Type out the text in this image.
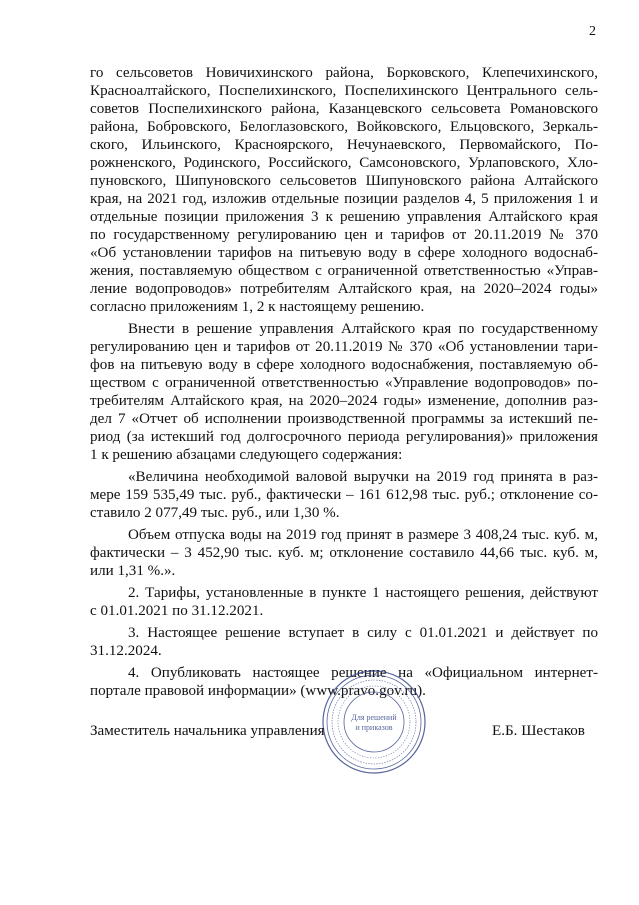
2
го сельсоветов Новичихинского района, Борковского, Клепечихинского,
Красноалтайского, Поспелихинского, Поспелихинского Центрального сель-
советов Поспелихинского района, Казанцевского сельсовета Романовского
района, Бобровского, Белоглазовского, Войковского, Ельцовского, Зеркаль-
ского, Ильинского, Красноярского, Нечунаевского, Первомайского, По-
рожненского, Родинского, Российского, Самсоновского, Урлаповского, Хло-
пуновского, Шипуновского сельсоветов Шипуновского района Алтайского
края, на 2021 год, изложив отдельные позиции разделов 4, 5 приложения 1 и
отдельные позиции приложения 3 к решению управления Алтайского края
по государственному регулированию цен и тарифов от 20.11.2019 № 370
«Об установлении тарифов на питьевую воду в сфере холодного водоснаб-
жения, поставляемую обществом с ограниченной ответственностью «Управ-
ление водопроводов» потребителям Алтайского края, на 2020–2024 годы»
согласно приложениям 1, 2 к настоящему решению.
Внести в решение управления Алтайского края по государственному
регулированию цен и тарифов от 20.11.2019 № 370 «Об установлении тари-
фов на питьевую воду в сфере холодного водоснабжения, поставляемую об-
ществом с ограниченной ответственностью «Управление водопроводов» по-
требителям Алтайского края, на 2020–2024 годы» изменение, дополнив раз-
дел 7 «Отчет об исполнении производственной программы за истекший пе-
риод (за истекший год долгосрочного периода регулирования)» приложения
1 к решению абзацами следующего содержания:
«Величина необходимой валовой выручки на 2019 год принята в раз-
мере 159 535,49 тыс. руб., фактически – 161 612,98 тыс. руб.; отклонение со-
ставило 2 077,49 тыс. руб., или 1,30 %.
Объем отпуска воды на 2019 год принят в размере 3 408,24 тыс. куб. м,
фактически – 3 452,90 тыс. куб. м; отклонение составило 44,66 тыс. куб. м,
или 1,31 %.».
2. Тарифы, установленные в пункте 1 настоящего решения, действуют
с 01.01.2021 по 31.12.2021.
3. Настоящее решение вступает в силу с 01.01.2021 и действует по
31.12.2024.
4. Опубликовать настоящее решение на «Официальном интернет-
портале правовой информации» (www.pravo.gov.ru).
Для решений
и приказов
Заместитель начальника управления	Е.Б. Шестаков
